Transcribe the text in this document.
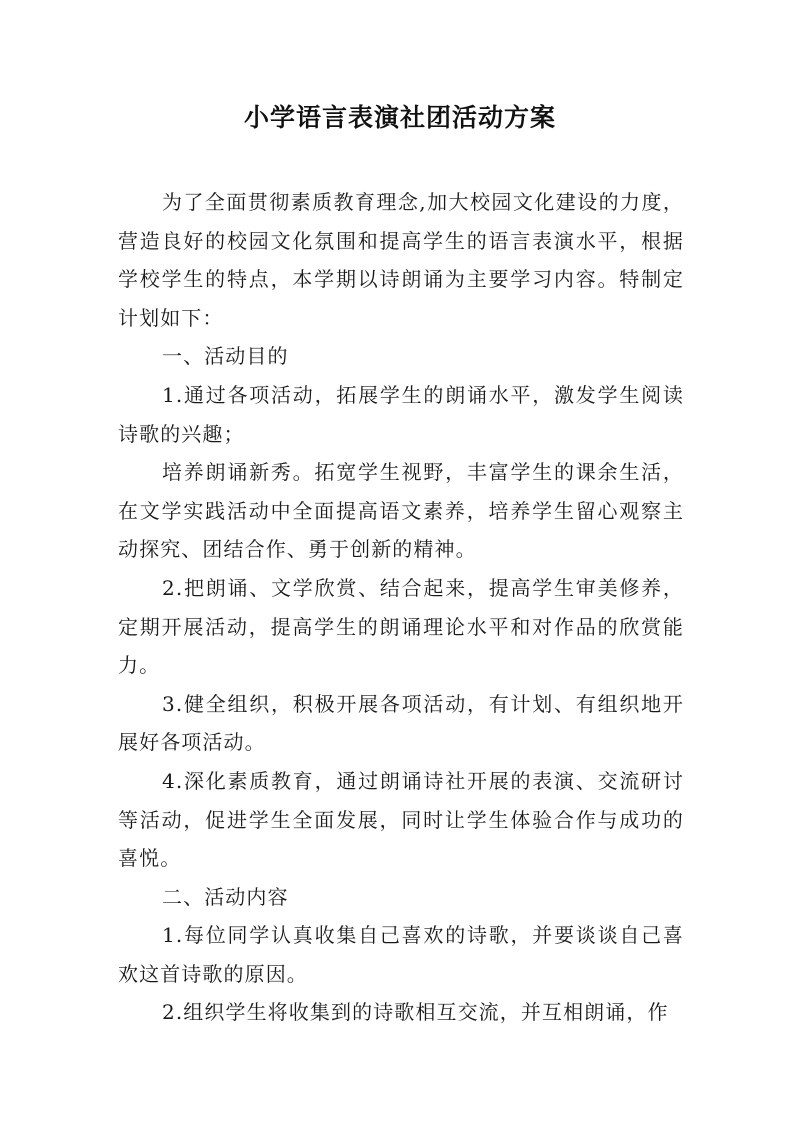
小学语言表演社团活动方案

为了全面贯彻素质教育理念,加大校园文化建设的力度，营造良好的校园文化氛围和提高学生的语言表演水平，根据学校学生的特点，本学期以诗朗诵为主要学习内容。特制定计划如下：

一、活动目的

1.通过各项活动，拓展学生的朗诵水平，激发学生阅读诗歌的兴趣；

培养朗诵新秀。拓宽学生视野，丰富学生的课余生活，在文学实践活动中全面提高语文素养，培养学生留心观察主动探究、团结合作、勇于创新的精神。

2.把朗诵、文学欣赏、结合起来，提高学生审美修养，定期开展活动，提高学生的朗诵理论水平和对作品的欣赏能力。

3.健全组织，积极开展各项活动，有计划、有组织地开展好各项活动。

4.深化素质教育，通过朗诵诗社开展的表演、交流研讨等活动，促进学生全面发展，同时让学生体验合作与成功的喜悦。

二、活动内容

1.每位同学认真收集自己喜欢的诗歌，并要谈谈自己喜欢这首诗歌的原因。

2.组织学生将收集到的诗歌相互交流，并互相朗诵，作
